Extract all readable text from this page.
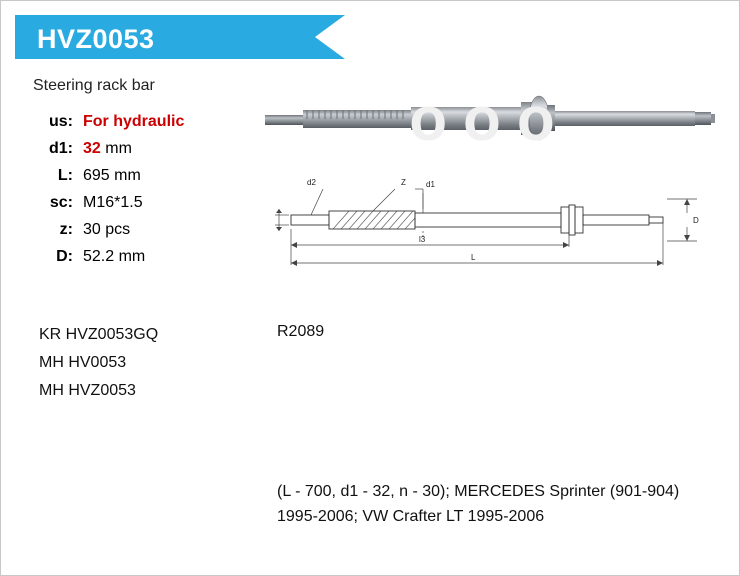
HVZ0053
Steering rack bar
us:	For hydraulic
d1:	32 mm
L:	695 mm
sc:	M16*1.5
z:	30 pcs
D:	52.2 mm
KR HVZ0053GQ
MH HV0053
MH HVZ0053
ooo
d2	Z	d1
D
l3
L
R2089
(L - 700, d1 - 32, n - 30); MERCEDES Sprinter (901-904) 1995-2006; VW Crafter LT 1995-2006
